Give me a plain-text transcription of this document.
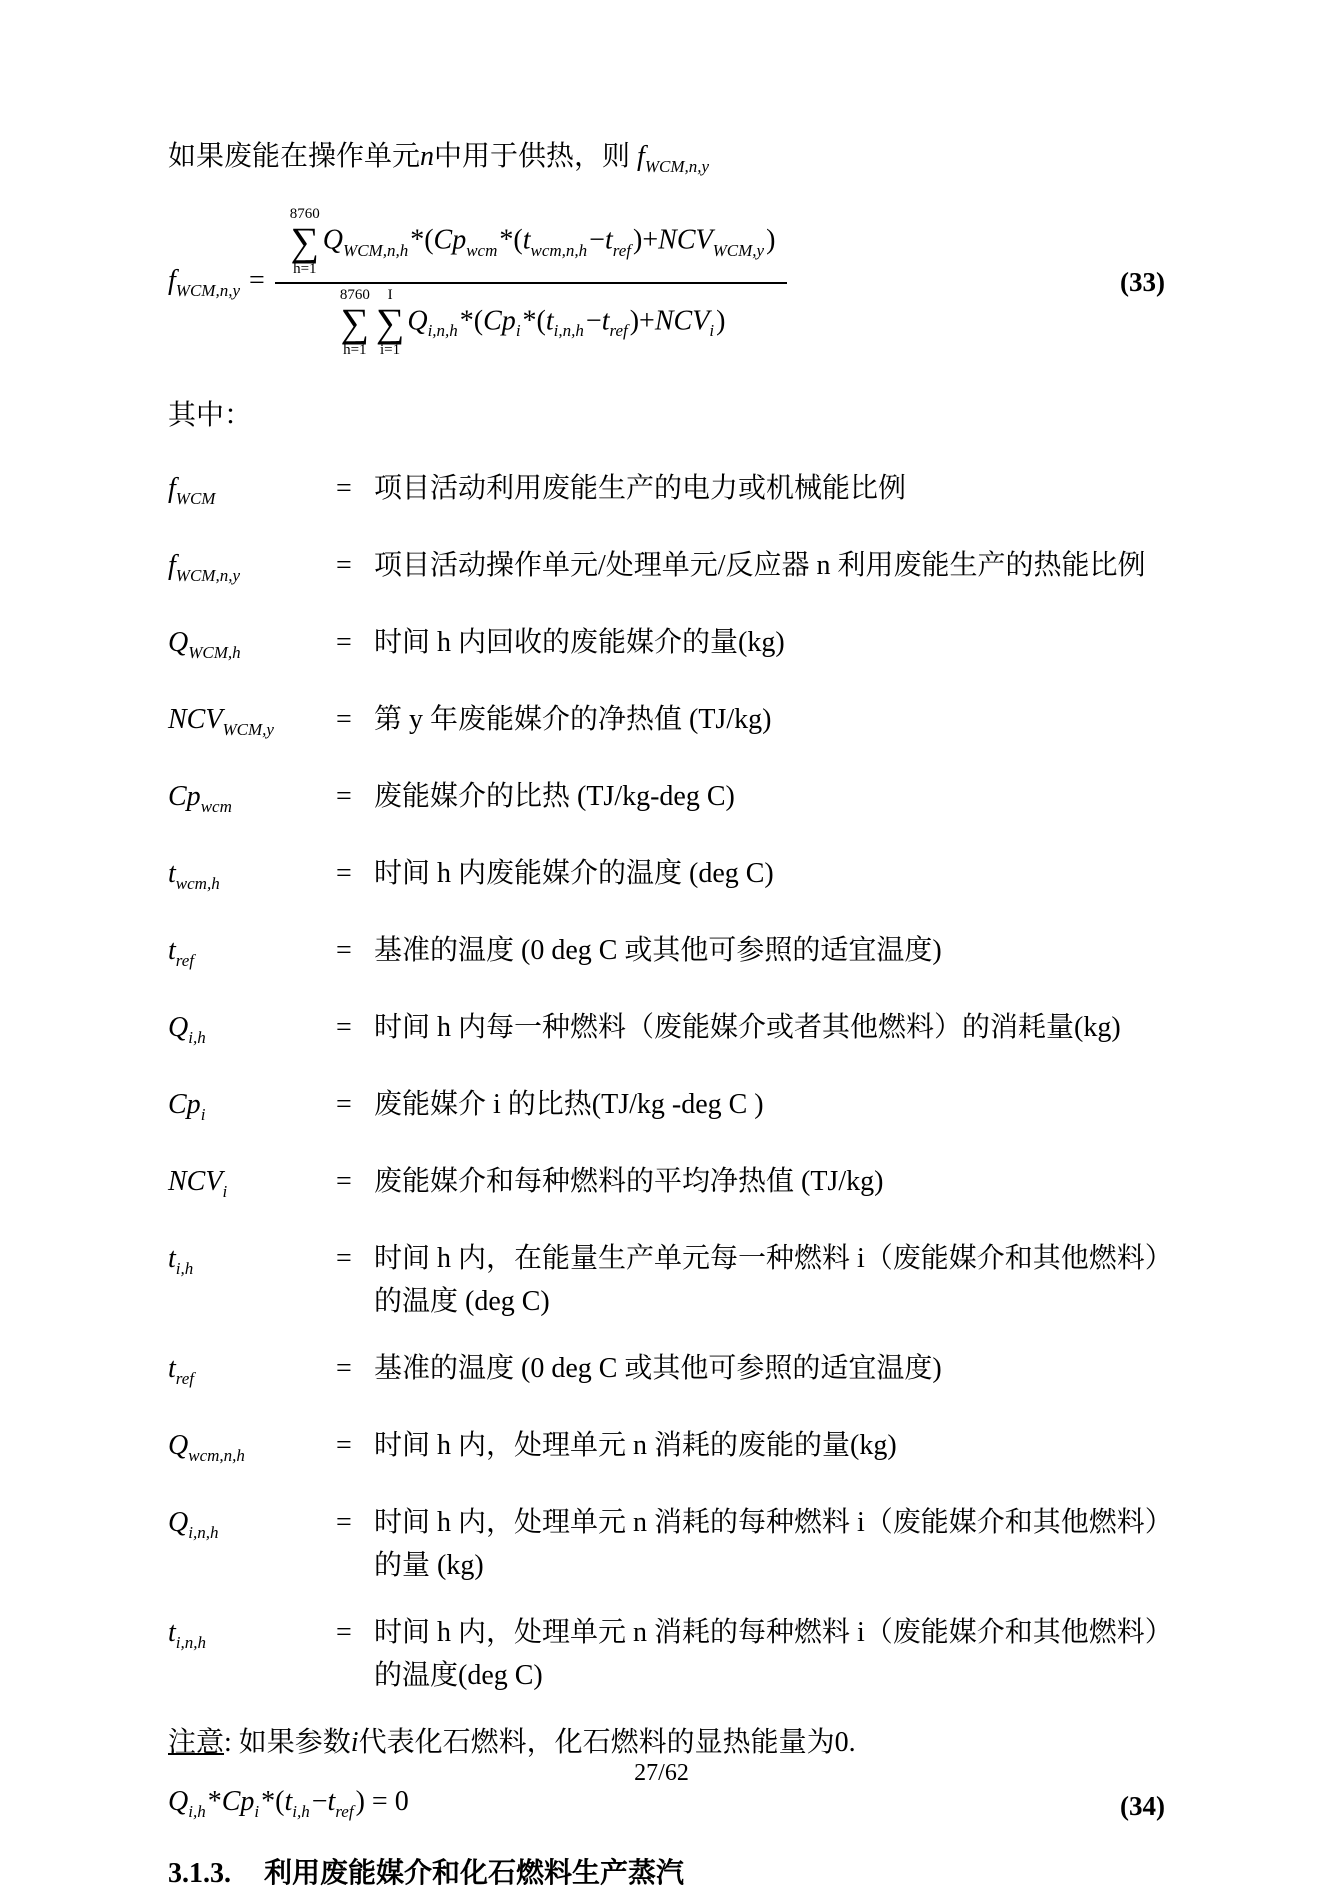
如果废能在操作单元n中用于供热，则 $f_{WCM,n,y}$

$f_{WCM,n,y} = 8760$
∑
h=1
$Q_{WCM,n,h}*(Cp_{wcm}*(t_{wcm,n,h}-t_{ref})+NCV_{WCM,y})$
8760
∑
h=1
I
∑
i=1
$Q_{i,n,h}*(Cp_i*(t_{i,n,h}-t_{ref})+NCV_i)$	(33)

其中：

$f_{WCM}$	= 项目活动利用废能生产的电力或机械能比例
$f_{WCM,n,y}$	= 项目活动操作单元/处理单元/反应器 n 利用废能生产的热能比例
$Q_{WCM,h}$	= 时间 h 内回收的废能媒介的量(kg)
$NCV_{WCM,y}$	= 第 y 年废能媒介的净热值 (TJ/kg)
$Cp_{wcm}$	= 废能媒介的比热 (TJ/kg-deg C)
$t_{wcm,h}$	= 时间 h 内废能媒介的温度 (deg C)
$t_{ref}$	= 基准的温度 (0 deg C 或其他可参照的适宜温度)
$Q_{i,h}$	= 时间 h 内每一种燃料（废能媒介或者其他燃料）的消耗量(kg)
$Cp_i$	= 废能媒介 i 的比热(TJ/kg -deg C )
$NCV_i$	= 废能媒介和每种燃料的平均净热值 (TJ/kg)
$t_{i,h}$	= 时间 h 内，在能量生产单元每一种燃料 i（废能媒介和其他燃料）的温度 (deg C)
$t_{ref}$	= 基准的温度 (0 deg C 或其他可参照的适宜温度)
$Q_{wcm,n,h}$	= 时间 h 内，处理单元 n 消耗的废能的量(kg)
$Q_{i,n,h}$	= 时间 h 内，处理单元 n 消耗的每种燃料 i（废能媒介和其他燃料）的量 (kg)
$t_{i,n,h}$	= 时间 h 内，处理单元 n 消耗的每种燃料 i（废能媒介和其他燃料）的温度(deg C)

注意: 如果参数i代表化石燃料，化石燃料的显热能量为0.

$Q_{i,h}*Cp_i*(t_{i,h}-t_{ref}) = 0$	(34)

3.1.3. 利用废能媒介和化石燃料生产蒸汽

27/62
